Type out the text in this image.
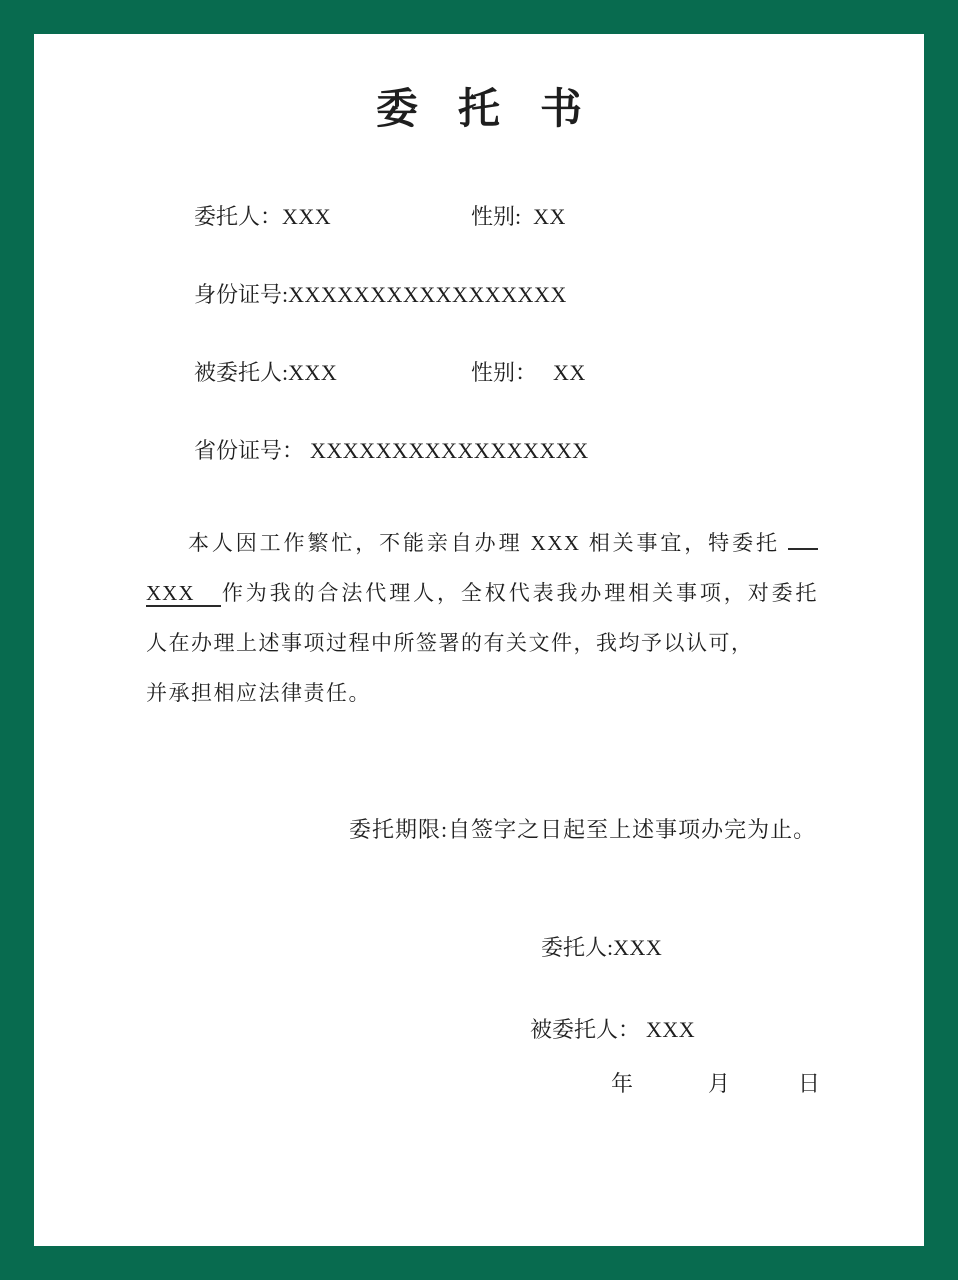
委托书
委托人：XXX	性别: XX
身份证号:XXXXXXXXXXXXXXXXX
被委托人:XXX	性别： XX
省份证号： XXXXXXXXXXXXXXXXX
本人因工作繁忙，不能亲自办理 XXX 相关事宜，特委托
XXX 作为我的合法代理人，全权代表我办理相关事项，对委托
人在办理上述事项过程中所签署的有关文件，我均予以认可，
并承担相应法律责任。
委托期限:自签字之日起至上述事项办完为止。
委托人:XXX
被委托人： XXX
年	月	日
